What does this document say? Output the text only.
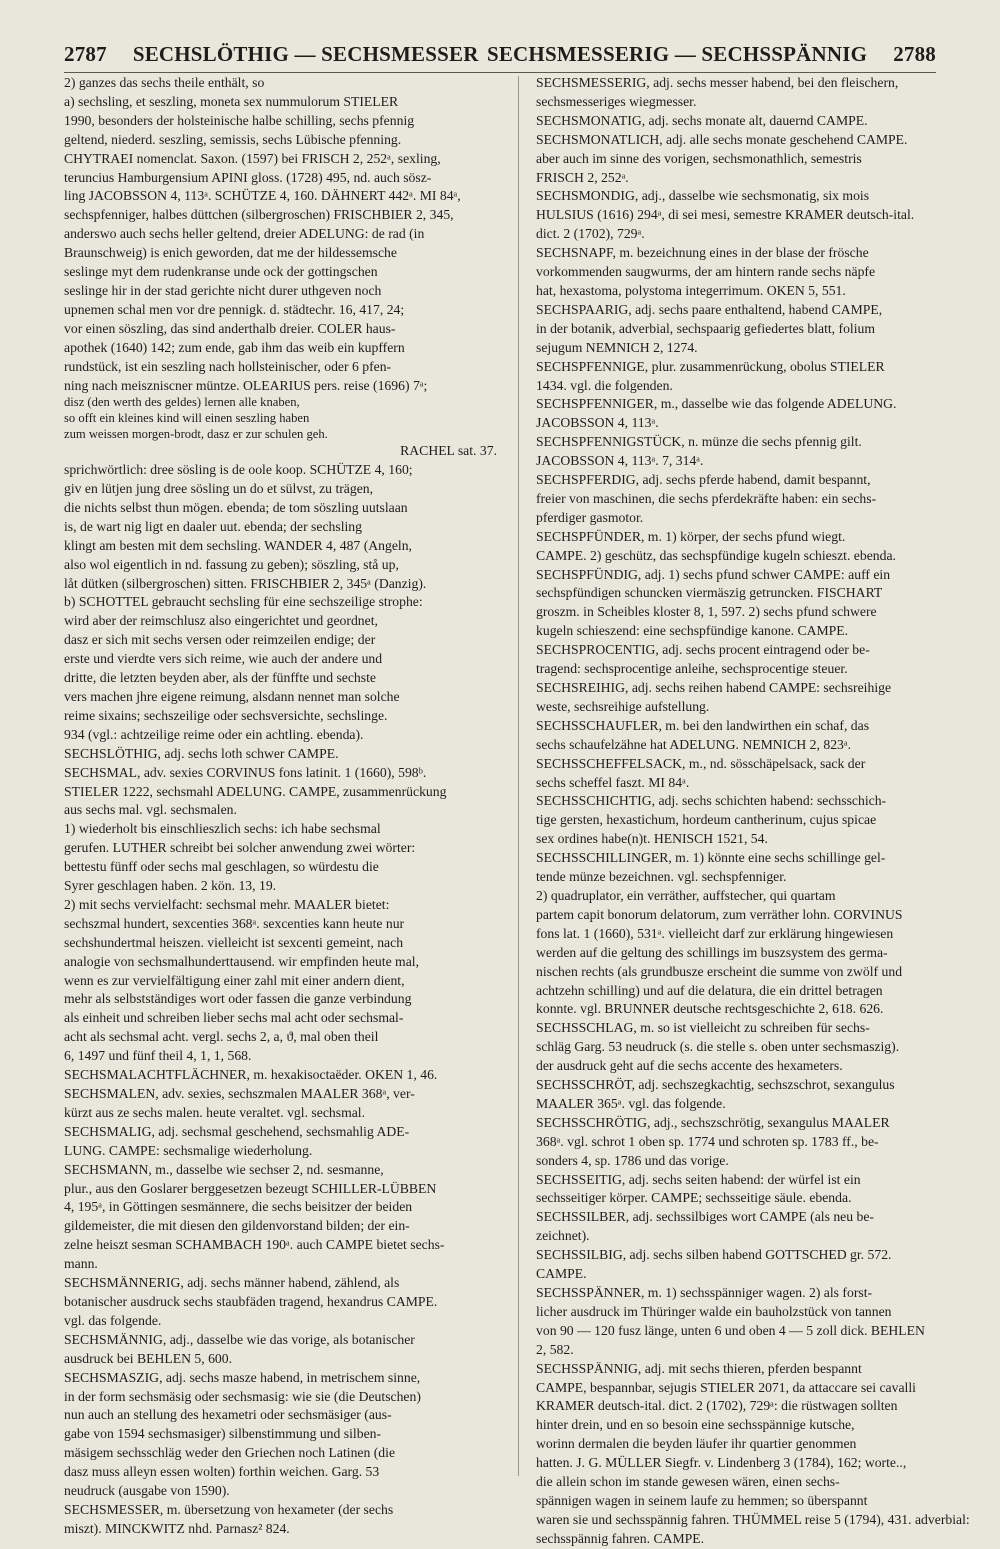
2787 SECHSLÖTHIG — SECHSMESSER SECHSMESSERIG — SECHSSPÄNNIG 2788
2) ganzes das sechs theile enthält, so
a) sechsling, et seszling, moneta sex nummulorum STIELER
1990, besonders der holsteinische halbe schilling, sechs pfennig
geltend, niederd. seszling, semissis, sechs Lübische pfenning.
CHYTRAEI nomenclat. Saxon. (1597) bei FRISCH 2, 252ᵃ, sexling,
teruncius Hamburgensium APINI gloss. (1728) 495, nd. auch sösz-
ling JACOBSSON 4, 113ᵃ. SCHÜTZE 4, 160. DÄHNERT 442ᵃ. MI 84ᵃ,
sechspfenniger, halbes düttchen (silbergroschen) FRISCHBIER 2, 345,
anderswo auch sechs heller geltend, dreier ADELUNG: de rad (in
Braunschweig) is enich geworden, dat me der hildessemsche
seslinge myt dem rudenkranse unde ock der gottingschen
seslinge hir in der stad gerichte nicht durer uthgeven noch
upnemen schal men vor dre pennigk. d. städtechr. 16, 417, 24;
vor einen söszling, das sind anderthalb dreier. COLER haus-
apothek (1640) 142; zum ende, gab ihm das weib ein kupffern
rundstück, ist ein seszling nach hollsteinischer, oder 6 pfen-
ning nach meiszniscner müntze. OLEARIUS pers. reise (1696) 7ᵃ;
disz (den werth des geldes) lernen alle knaben,
so offt ein kleines kind will einen seszling haben
zum weissen morgen-brodt, dasz er zur schulen geh.
RACHEL sat. 37.
sprichwörtlich: dree sösling is de oole koop. SCHÜTZE 4, 160;
giv en lütjen jung dree sösling un do et sülvst, zu trägen,
die nichts selbst thun mögen. ebenda; de tom söszling uutslaan
is, de wart nig ligt en daaler uut. ebenda; der sechsling
klingt am besten mit dem sechsling. WANDER 4, 487 (Angeln,
also wol eigentlich in nd. fassung zu geben); söszling, stå up,
låt dütken (silbergroschen) sitten. FRISCHBIER 2, 345ᵃ (Danzig).
b) SCHOTTEL gebraucht sechsling für eine sechszeilige strophe:
wird aber der reimschlusz also eingerichtet und geordnet,
dasz er sich mit sechs versen oder reimzeilen endige; der
erste und vierdte vers sich reime, wie auch der andere und
dritte, die letzten beyden aber, als der fünffte und sechste
vers machen jhre eigene reimung, alsdann nennet man solche
reime sixains; sechszeilige oder sechsversichte, sechslinge.
934 (vgl.: achtzeilige reime oder ein achtling. ebenda).
SECHSLÖTHIG, adj. sechs loth schwer CAMPE.
SECHSMAL, adv. sexies CORVINUS fons latinit. 1 (1660), 598ᵇ.
STIELER 1222, sechsmahl ADELUNG. CAMPE, zusammenrückung
aus sechs mal. vgl. sechsmalen.
1) wiederholt bis einschlieszlich sechs: ich habe sechsmal
gerufen. LUTHER schreibt bei solcher anwendung zwei wörter:
bettestu fünff oder sechs mal geschlagen, so würdestu die
Syrer geschlagen haben. 2 kön. 13, 19.
2) mit sechs vervielfacht: sechsmal mehr. MAALER bietet:
sechszmal hundert, sexcenties 368ᵃ. sexcenties kann heute nur
sechshundertmal heiszen. vielleicht ist sexcenti gemeint, nach
analogie von sechsmalhunderttausend. wir empfinden heute mal,
wenn es zur vervielfältigung einer zahl mit einer andern dient,
mehr als selbstständiges wort oder fassen die ganze verbindung
als einheit und schreiben lieber sechs mal acht oder sechsmal-
acht als sechsmal acht. vergl. sechs 2, a, ϑ, mal oben theil
6, 1497 und fünf theil 4, 1, 1, 568.
SECHSMALACHTFLÄCHNER, m. hexakisoctaëder. OKEN 1, 46.
SECHSMALEN, adv. sexies, sechszmalen MAALER 368ᵃ, ver-
kürzt aus ze sechs malen. heute veraltet. vgl. sechsmal.
SECHSMALIG, adj. sechsmal geschehend, sechsmahlig ADE-
LUNG. CAMPE: sechsmalige wiederholung.
SECHSMANN, m., dasselbe wie sechser 2, nd. sesmanne,
plur., aus den Goslarer berggesetzen bezeugt SCHILLER-LÜBBEN
4, 195ᵃ, in Göttingen sesmännere, die sechs beisitzer der beiden
gildemeister, die mit diesen den gildenvorstand bilden; der ein-
zelne heiszt sesman SCHAMBACH 190ᵃ. auch CAMPE bietet sechs-
mann.
SECHSMÄNNERIG, adj. sechs männer habend, zählend, als
botanischer ausdruck sechs staubfäden tragend, hexandrus CAMPE.
vgl. das folgende.
SECHSMÄNNIG, adj., dasselbe wie das vorige, als botanischer
ausdruck bei BEHLEN 5, 600.
SECHSMASZIG, adj. sechs masze habend, in metrischem sinne,
in der form sechsmäsig oder sechsmasig: wie sie (die Deutschen)
nun auch an stellung des hexametri oder sechsmäsiger (aus-
gabe von 1594 sechsmasiger) silbenstimmung und silben-
mäsigem sechsschläg weder den Griechen noch Latinen (die
dasz muss alleyn essen wolten) forthin weichen. Garg. 53
neudruck (ausgabe von 1590).
SECHSMESSER, m. übersetzung von hexameter (der sechs
miszt). MINCKWITZ nhd. Parnasz² 824.
SECHSMESSERIG, adj. sechs messer habend, bei den fleischern,
sechsmesseriges wiegmesser.
SECHSMONATIG, adj. sechs monate alt, dauernd CAMPE.
SECHSMONATLICH, adj. alle sechs monate geschehend CAMPE.
aber auch im sinne des vorigen, sechsmonathlich, semestris
FRISCH 2, 252ᵃ.
SECHSMONDIG, adj., dasselbe wie sechsmonatig, six mois
HULSIUS (1616) 294ᵃ, di sei mesi, semestre KRAMER deutsch-ital.
dict. 2 (1702), 729ᵃ.
SECHSNAPF, m. bezeichnung eines in der blase der frösche
vorkommenden saugwurms, der am hintern rande sechs näpfe
hat, hexastoma, polystoma integerrimum. OKEN 5, 551.
SECHSPAARIG, adj. sechs paare enthaltend, habend CAMPE,
in der botanik, adverbial, sechspaarig gefiedertes blatt, folium
sejugum NEMNICH 2, 1274.
SECHSPFENNIGE, plur. zusammenrückung, obolus STIELER
1434. vgl. die folgenden.
SECHSPFENNIGER, m., dasselbe wie das folgende ADELUNG.
JACOBSSON 4, 113ᵃ.
SECHSPFENNIGSTÜCK, n. münze die sechs pfennig gilt.
JACOBSSON 4, 113ᵃ. 7, 314ᵃ.
SECHSPFERDIG, adj. sechs pferde habend, damit bespannt,
freier von maschinen, die sechs pferdekräfte haben: ein sechs-
pferdiger gasmotor.
SECHSPFÜNDER, m. 1) körper, der sechs pfund wiegt.
CAMPE. 2) geschütz, das sechspfündige kugeln schieszt. ebenda.
SECHSPFÜNDIG, adj. 1) sechs pfund schwer CAMPE: auff ein
sechspfündigen schuncken viermäszig getruncken. FISCHART
groszm. in Scheibles kloster 8, 1, 597. 2) sechs pfund schwere
kugeln schieszend: eine sechspfündige kanone. CAMPE.
SECHSPROCENTIG, adj. sechs procent eintragend oder be-
tragend: sechsprocentige anleihe, sechsprocentige steuer.
SECHSREIHIG, adj. sechs reihen habend CAMPE: sechsreihige
weste, sechsreihige aufstellung.
SECHSSCHAUFLER, m. bei den landwirthen ein schaf, das
sechs schaufelzähne hat ADELUNG. NEMNICH 2, 823ᵃ.
SECHSSCHEFFELSACK, m., nd. sösschäpelsack, sack der
sechs scheffel faszt. MI 84ᵃ.
SECHSSCHICHTIG, adj. sechs schichten habend: sechsschich-
tige gersten, hexastichum, hordeum cantherinum, cujus spicae
sex ordines habe(n)t. HENISCH 1521, 54.
SECHSSCHILLINGER, m. 1) könnte eine sechs schillinge gel-
tende münze bezeichnen. vgl. sechspfenniger.
2) quadruplator, ein verräther, auffstecher, qui quartam
partem capit bonorum delatorum, zum verräther lohn. CORVINUS
fons lat. 1 (1660), 531ᵃ. vielleicht darf zur erklärung hingewiesen
werden auf die geltung des schillings im buszsystem des germa-
nischen rechts (als grundbusze erscheint die summe von zwölf und
achtzehn schilling) und auf die delatura, die ein drittel betragen
konnte. vgl. BRUNNER deutsche rechtsgeschichte 2, 618. 626.
SECHSSCHLAG, m. so ist vielleicht zu schreiben für sechs-
schläg Garg. 53 neudruck (s. die stelle s. oben unter sechsmaszig).
der ausdruck geht auf die sechs accente des hexameters.
SECHSSCHRÖT, adj. sechszegkachtig, sechszschrot, sexangulus
MAALER 365ᵃ. vgl. das folgende.
SECHSSCHRÖTIG, adj., sechszschrötig, sexangulus MAALER
368ᵃ. vgl. schrot 1 oben sp. 1774 und schroten sp. 1783 ff., be-
sonders 4, sp. 1786 und das vorige.
SECHSSEITIG, adj. sechs seiten habend: der würfel ist ein
sechsseitiger körper. CAMPE; sechsseitige säule. ebenda.
SECHSSILBER, adj. sechssilbiges wort CAMPE (als neu be-
zeichnet).
SECHSSILBIG, adj. sechs silben habend GOTTSCHED gr. 572.
CAMPE.
SECHSSPÄNNER, m. 1) sechsspänniger wagen. 2) als forst-
licher ausdruck im Thüringer walde ein bauholzstück von tannen
von 90 — 120 fusz länge, unten 6 und oben 4 — 5 zoll dick. BEHLEN
2, 582.
SECHSSPÄNNIG, adj. mit sechs thieren, pferden bespannt
CAMPE, bespannbar, sejugis STIELER 2071, da attaccare sei cavalli
KRAMER deutsch-ital. dict. 2 (1702), 729ᵃ: die rüstwagen sollten
hinter drein, und en so besoin eine sechsspännige kutsche,
worinn dermalen die beyden läufer ihr quartier genommen
hatten. J. G. MÜLLER Siegfr. v. Lindenberg 3 (1784), 162; worte..,
die allein schon im stande gewesen wären, einen sechs-
spännigen wagen in seinem laufe zu hemmen; so überspannt
waren sie und sechsspännig fahren. THÜMMEL reise 5 (1794), 431. adverbial:
sechsspännig fahren. CAMPE.
